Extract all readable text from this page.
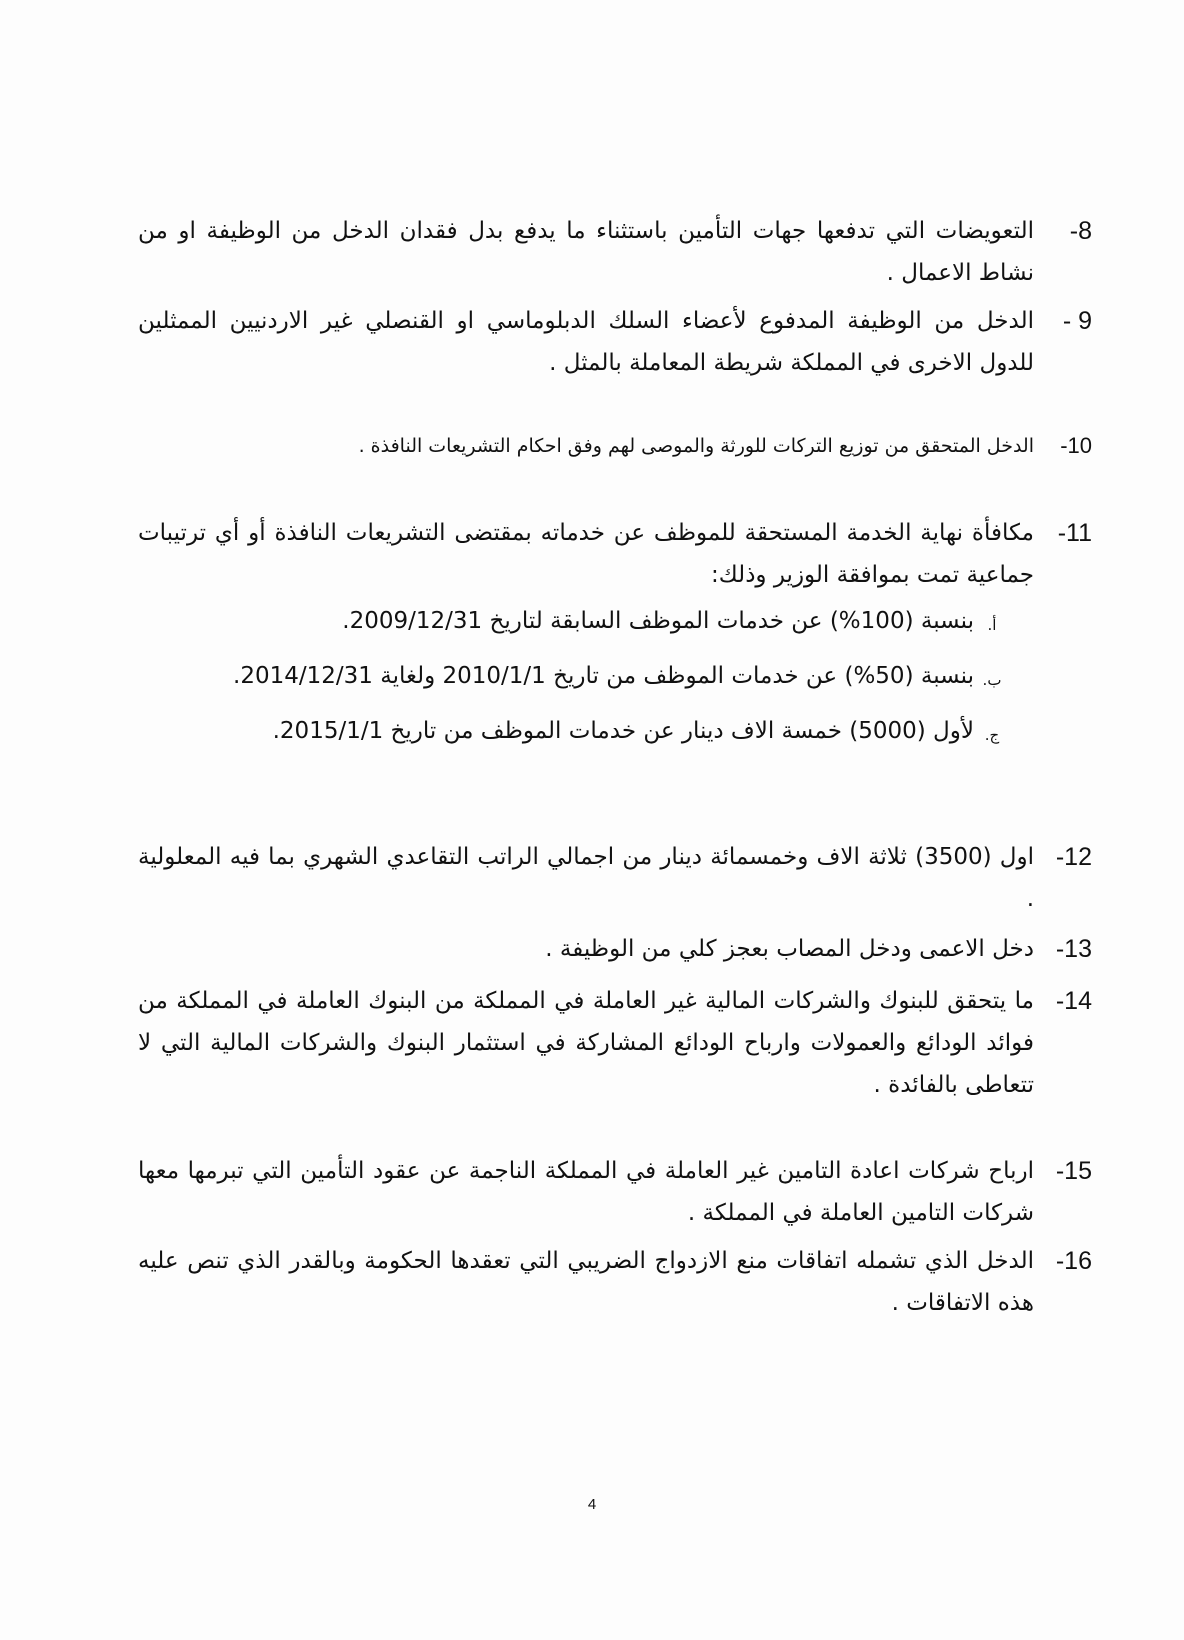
-8
التعويضات التي تدفعها جهات التأمين باستثناء ما يدفع بدل فقدان الدخل من الوظيفة او من نشاط الاعمال .
- 9
الدخل من الوظيفة المدفوع لأعضاء السلك الدبلوماسي او القنصلي غير الاردنيين الممثلين للدول الاخرى في المملكة شريطة المعاملة بالمثل .
-10
الدخل المتحقق من توزيع التركات للورثة والموصى لهم وفق احكام التشريعات النافذة .
-11
مكافأة نهاية الخدمة المستحقة للموظف عن خدماته بمقتضى التشريعات النافذة أو أي ترتيبات جماعية تمت بموافقة الوزير وذلك:
أ.
بنسبة (100%) عن خدمات الموظف السابقة لتاريخ 2009/12/31.
ب.
بنسبة (50%) عن خدمات الموظف من تاريخ 2010/1/1 ولغاية 2014/12/31.
ج.
لأول (5000) خمسة الاف دينار عن خدمات الموظف من تاريخ 2015/1/1.
-12
اول (3500) ثلاثة الاف وخمسمائة دينار من اجمالي الراتب التقاعدي الشهري بما فيه المعلولية .
-13
دخل الاعمى ودخل المصاب بعجز كلي من الوظيفة .
-14
ما يتحقق للبنوك والشركات المالية غير العاملة في المملكة من البنوك العاملة في المملكة من فوائد الودائع والعمولات وارباح الودائع المشاركة في استثمار البنوك والشركات المالية التي لا تتعاطى بالفائدة .
-15
ارباح شركات اعادة التامين غير العاملة في المملكة الناجمة عن عقود التأمين التي تبرمها معها شركات التامين العاملة في المملكة .
-16
الدخل الذي تشمله اتفاقات منع الازدواج الضريبي التي تعقدها الحكومة وبالقدر الذي تنص عليه هذه الاتفاقات .
4
